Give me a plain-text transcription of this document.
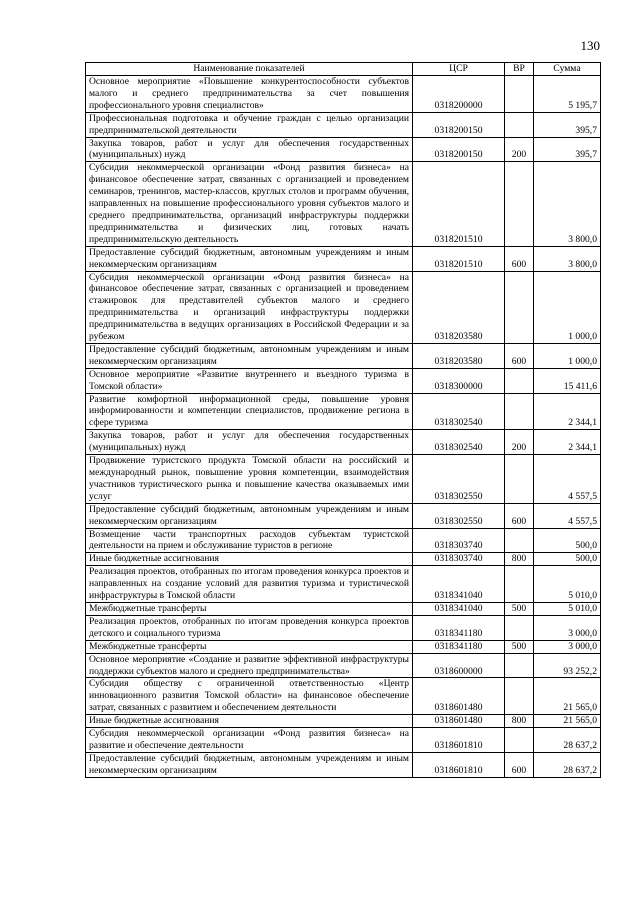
130
Наименование показателей	ЦСР	ВР	Сумма
Основное мероприятие «Повышение конкурентоспособности субъектов малого и среднего предпринимательства за счет повышения профессионального уровня специалистов»	0318200000		5 195,7
Профессиональная подготовка и обучение граждан с целью организации предпринимательской деятельности	0318200150		395,7
Закупка товаров, работ и услуг для обеспечения государственных (муниципальных) нужд	0318200150	200	395,7
Субсидия некоммерческой организации «Фонд развития бизнеса» на финансовое обеспечение затрат, связанных с организацией и проведением семинаров, тренингов, мастер-классов, круглых столов и программ обучения, направленных на повышение профессионального уровня субъектов малого и среднего предпринимательства, организаций инфраструктуры поддержки предпринимательства и физических лиц, готовых начать предпринимательскую деятельность	0318201510		3 800,0
Предоставление субсидий бюджетным, автономным учреждениям и иным некоммерческим организациям	0318201510	600	3 800,0
Субсидия некоммерческой организации «Фонд развития бизнеса» на финансовое обеспечение затрат, связанных с организацией и проведением стажировок для представителей субъектов малого и среднего предпринимательства и организаций инфраструктуры поддержки предпринимательства в ведущих организациях в Российской Федерации и за рубежом	0318203580		1 000,0
Предоставление субсидий бюджетным, автономным учреждениям и иным некоммерческим организациям	0318203580	600	1 000,0
Основное мероприятие «Развитие внутреннего и въездного туризма в Томской области»	0318300000		15 411,6
Развитие комфортной информационной среды, повышение уровня информированности и компетенции специалистов, продвижение региона в сфере туризма	0318302540		2 344,1
Закупка товаров, работ и услуг для обеспечения государственных (муниципальных) нужд	0318302540	200	2 344,1
Продвижение туристского продукта Томской области на российский и международный рынок, повышение уровня компетенции, взаимодействия участников туристического рынка и повышение качества оказываемых ими услуг	0318302550		4 557,5
Предоставление субсидий бюджетным, автономным учреждениям и иным некоммерческим организациям	0318302550	600	4 557,5
Возмещение части транспортных расходов субъектам туристской деятельности на прием и обслуживание туристов в регионе	0318303740		500,0
Иные бюджетные ассигнования	0318303740	800	500,0
Реализация проектов, отобранных по итогам проведения конкурса проектов и направленных на создание условий для развития туризма и туристической инфраструктуры в Томской области	0318341040		5 010,0
Межбюджетные трансферты	0318341040	500	5 010,0
Реализация проектов, отобранных по итогам проведения конкурса проектов детского и социального туризма	0318341180		3 000,0
Межбюджетные трансферты	0318341180	500	3 000,0
Основное мероприятие «Создание и развитие эффективной инфраструктуры поддержки субъектов малого и среднего предпринимательства»	0318600000		93 252,2
Субсидия обществу с ограниченной ответственностью «Центр инновационного развития Томской области» на финансовое обеспечение затрат, связанных с развитием и обеспечением деятельности	0318601480		21 565,0
Иные бюджетные ассигнования	0318601480	800	21 565,0
Субсидия некоммерческой организации «Фонд развития бизнеса» на развитие и обеспечение деятельности	0318601810		28 637,2
Предоставление субсидий бюджетным, автономным учреждениям и иным некоммерческим организациям	0318601810	600	28 637,2
